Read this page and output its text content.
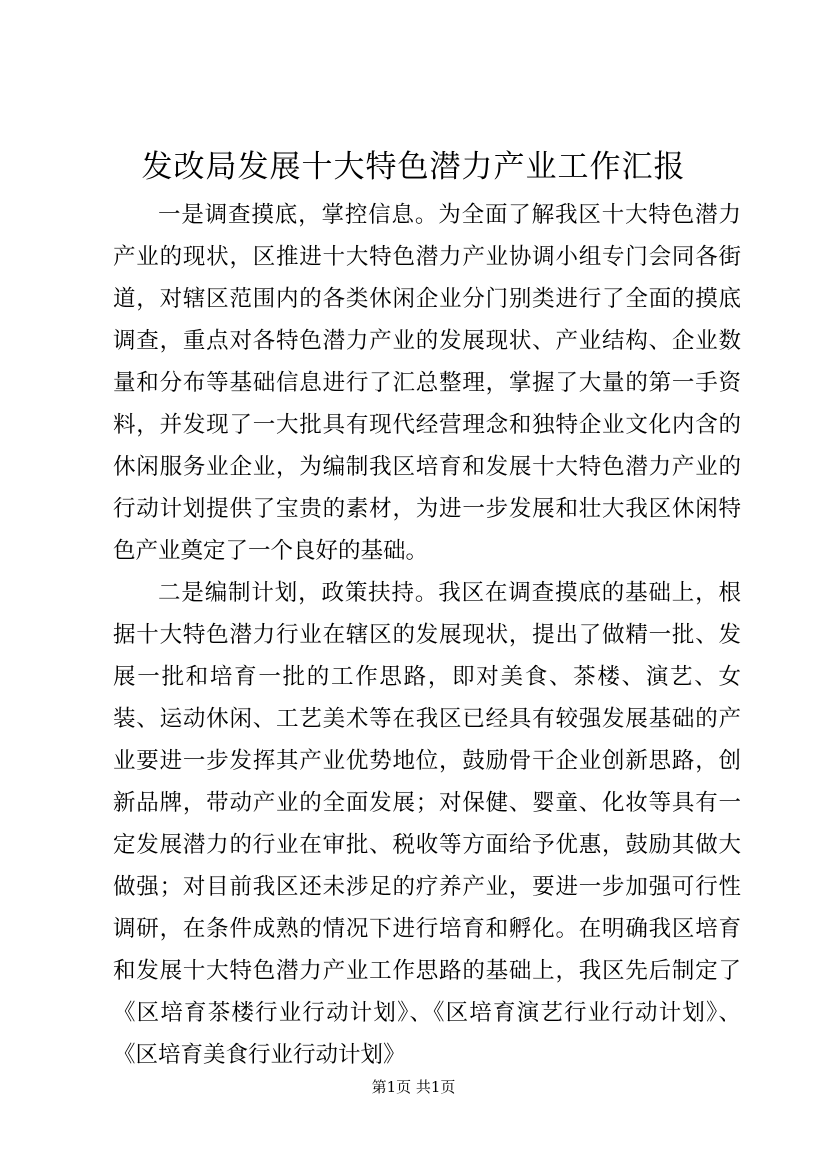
发改局发展十大特色潜力产业工作汇报

一是调查摸底，掌控信息。为全面了解我区十大特色潜力产业的现状，区推进十大特色潜力产业协调小组专门会同各街道，对辖区范围内的各类休闲企业分门别类进行了全面的摸底调查，重点对各特色潜力产业的发展现状、产业结构、企业数量和分布等基础信息进行了汇总整理，掌握了大量的第一手资料，并发现了一大批具有现代经营理念和独特企业文化内含的休闲服务业企业，为编制我区培育和发展十大特色潜力产业的行动计划提供了宝贵的素材，为进一步发展和壮大我区休闲特色产业奠定了一个良好的基础。

二是编制计划，政策扶持。我区在调查摸底的基础上，根据十大特色潜力行业在辖区的发展现状，提出了做精一批、发展一批和培育一批的工作思路，即对美食、茶楼、演艺、女装、运动休闲、工艺美术等在我区已经具有较强发展基础的产业要进一步发挥其产业优势地位，鼓励骨干企业创新思路，创新品牌，带动产业的全面发展；对保健、婴童、化妆等具有一定发展潜力的行业在审批、税收等方面给予优惠，鼓励其做大做强；对目前我区还未涉足的疗养产业，要进一步加强可行性调研，在条件成熟的情况下进行培育和孵化。在明确我区培育和发展十大特色潜力产业工作思路的基础上，我区先后制定了《区培育茶楼行业行动计划》、《区培育演艺行业行动计划》、《区培育美食行业行动计划》

第1页 共1页
